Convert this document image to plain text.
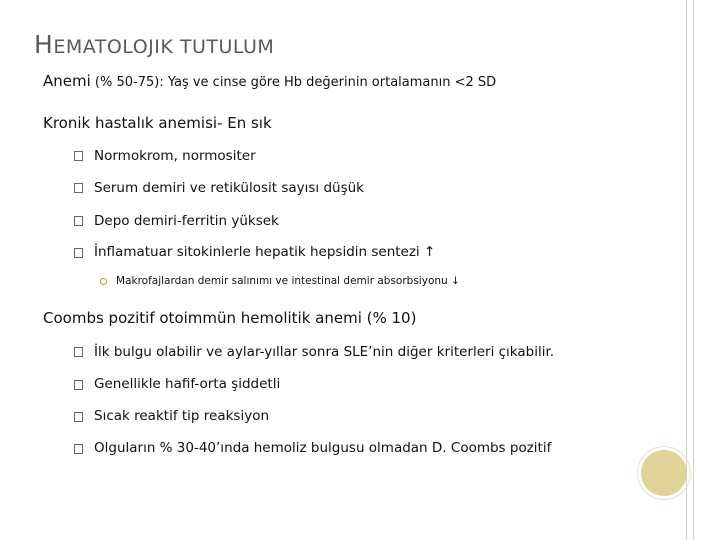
HEMATOLOJIK TUTULUM
Anemi (% 50-75): Yaş ve cinse göre Hb değerinin ortalamanın <2 SD
Kronik hastalık anemisi- En sık
Normokrom, normositer
Serum demiri ve retikülosit sayısı düşük
Depo demiri-ferritin yüksek
İnflamatuar sitokinlerle hepatik hepsidin sentezi ↑
Makrofajlardan demir salınımı ve intestinal demir absorbsiyonu ↓
Coombs pozitif otoimmün hemolitik anemi (% 10)
İlk bulgu olabilir ve aylar-yıllar sonra SLE’nin diğer kriterleri çıkabilir.
Genellikle hafif-orta şiddetli
Sıcak reaktif tip reaksiyon
Olguların % 30-40’ında hemoliz bulgusu olmadan D. Coombs pozitif
